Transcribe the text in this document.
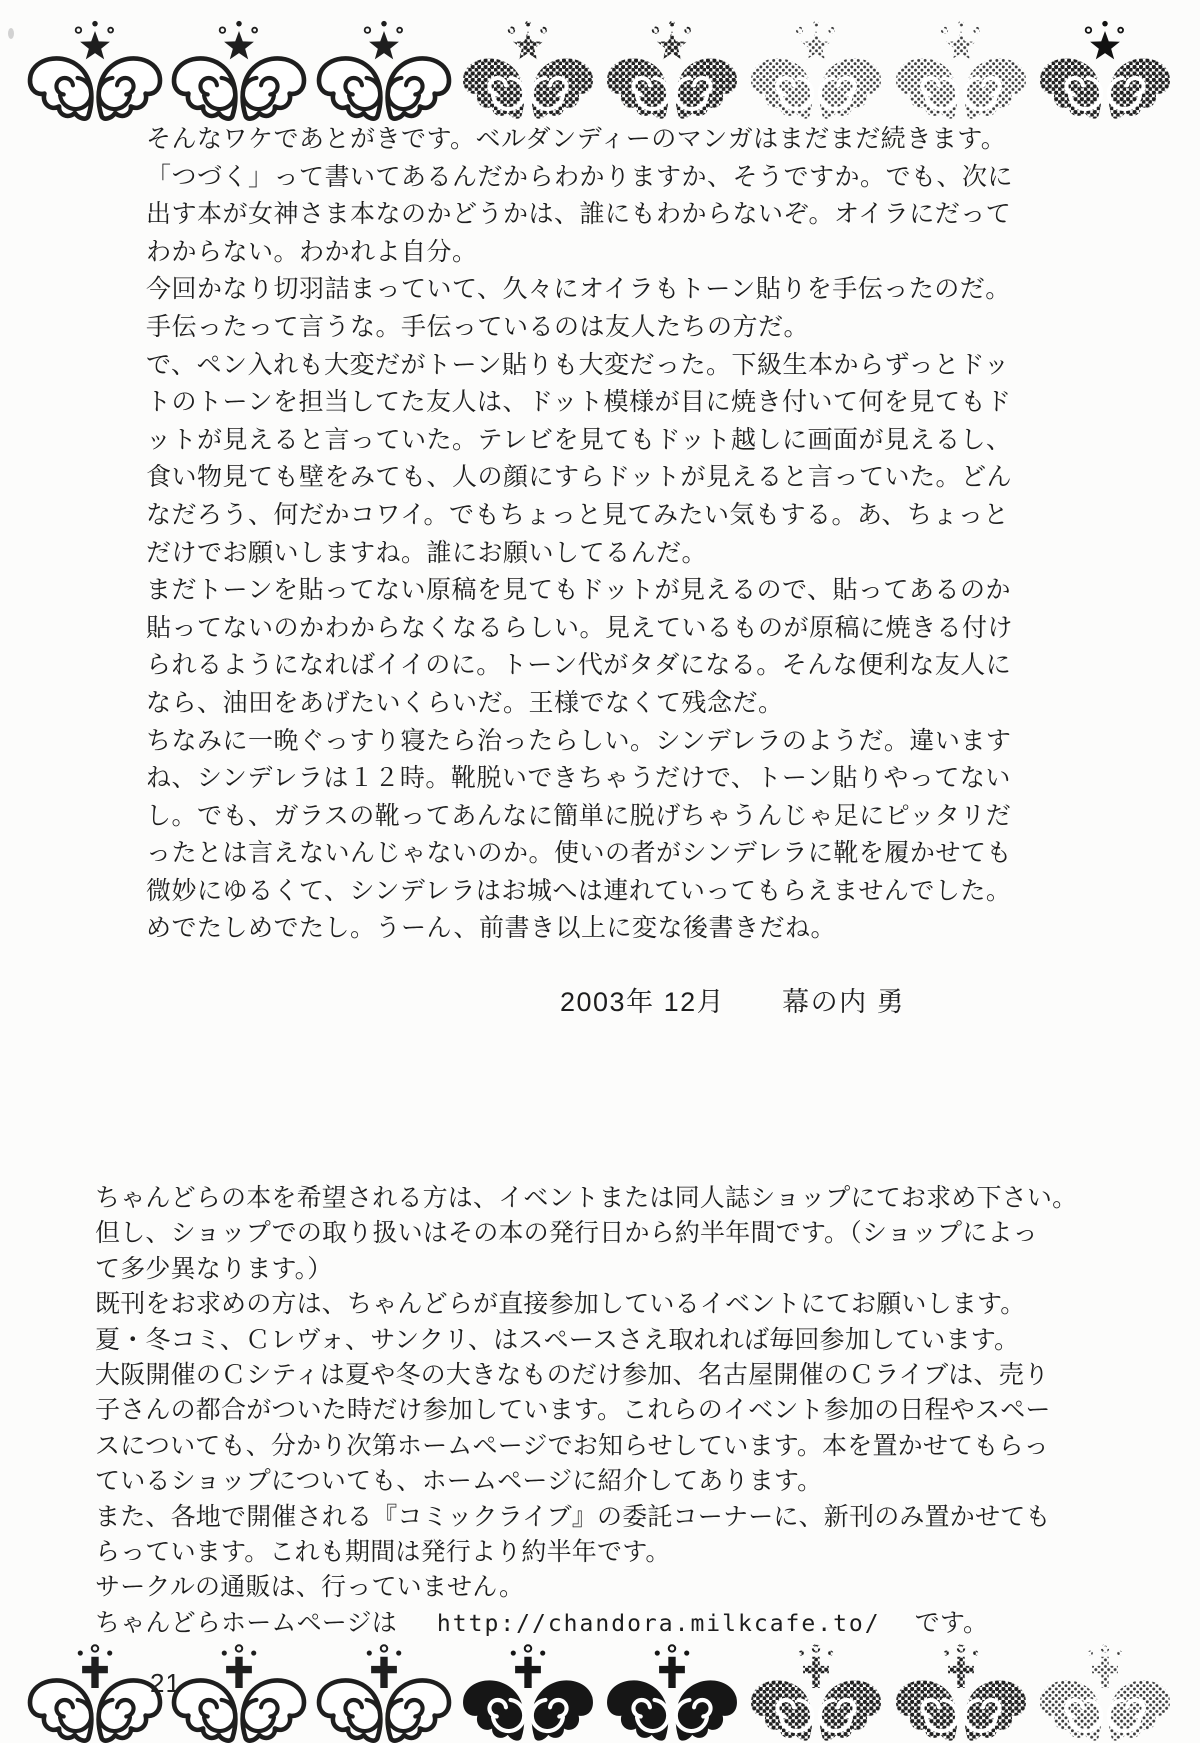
そんなワケであとがきです。ベルダンディーのマンガはまだまだ続きます。
「つづく」って書いてあるんだからわかりますか、そうですか。でも、次に
出す本が女神さま本なのかどうかは、誰にもわからないぞ。オイラにだって
わからない。わかれよ自分。
今回かなり切羽詰まっていて、久々にオイラもトーン貼りを手伝ったのだ。
手伝ったって言うな。手伝っているのは友人たちの方だ。
で、ペン入れも大変だがトーン貼りも大変だった。下級生本からずっとドッ
トのトーンを担当してた友人は、ドット模様が目に焼き付いて何を見てもド
ットが見えると言っていた。テレビを見てもドット越しに画面が見えるし、
食い物見ても壁をみても、人の顔にすらドットが見えると言っていた。どん
なだろう、何だかコワイ。でもちょっと見てみたい気もする。あ、ちょっと
だけでお願いしますね。誰にお願いしてるんだ。
まだトーンを貼ってない原稿を見てもドットが見えるので、貼ってあるのか
貼ってないのかわからなくなるらしい。見えているものが原稿に焼きる付け
られるようになればイイのに。トーン代がタダになる。そんな便利な友人に
なら、油田をあげたいくらいだ。王様でなくて残念だ。
ちなみに一晩ぐっすり寝たら治ったらしい。シンデレラのようだ。違います
ね、シンデレラは１２時。靴脱いできちゃうだけで、トーン貼りやってない
し。でも、ガラスの靴ってあんなに簡単に脱げちゃうんじゃ足にピッタリだ
ったとは言えないんじゃないのか。使いの者がシンデレラに靴を履かせても
微妙にゆるくて、シンデレラはお城へは連れていってもらえませんでした。
めでたしめでたし。うーん、前書き以上に変な後書きだね。
2003年 12月　　幕の内 勇
ちゃんどらの本を希望される方は、イベントまたは同人誌ショップにてお求め下さい。
但し、ショップでの取り扱いはその本の発行日から約半年間です。（ショップによっ
て多少異なります。）
既刊をお求めの方は、ちゃんどらが直接参加しているイベントにてお願いします。
夏・冬コミ、Ｃレヴォ、サンクリ、はスペースさえ取れれば毎回参加しています。
大阪開催のＣシティは夏や冬の大きなものだけ参加、名古屋開催のＣライブは、売り
子さんの都合がついた時だけ参加しています。これらのイベント参加の日程やスペー
スについても、分かり次第ホームページでお知らせしています。本を置かせてもらっ
ているショップについても、ホームページに紹介してあります。
また、各地で開催される『コミックライブ』の委託コーナーに、新刊のみ置かせても
らっています。これも期間は発行より約半年です。
サークルの通販は、行っていません。
ちゃんどらホームページは http://chandora.milkcafe.to/ です。
21
